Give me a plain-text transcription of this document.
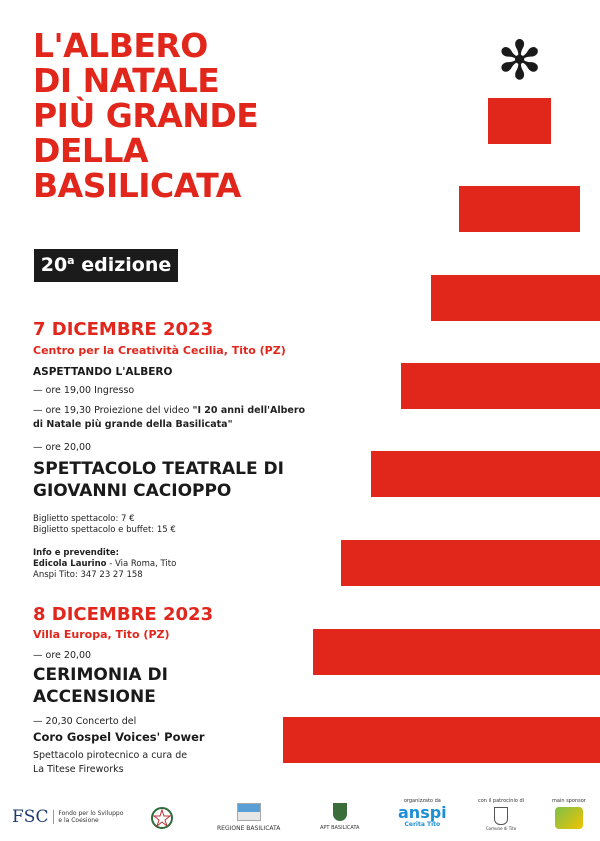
L'ALBERO
DI NATALE
PIÙ GRANDE
DELLA
BASILICATA
20$^a$ edizione
7 DICEMBRE 2023
Centro per la Creatività Cecilia, Tito (PZ)
ASPETTANDO L'ALBERO
— ore 19,00 Ingresso
— ore 19,30 Proiezione del video "I 20 anni dell'Albero
di Natale più grande della Basilicata"
— ore 20,00
SPETTACOLO TEATRALE DI
GIOVANNI CACIOPPO
Biglietto spettacolo: 7 €
Biglietto spettacolo e buffet: 15 €
Info e prevendite:
Edicola Laurino - Via Roma, Tito
Anspi Tito: 347 23 27 158
8 DICEMBRE 2023
Villa Europa, Tito (PZ)
— ore 20,00
CERIMONIA DI
ACCENSIONE
— 20,30 Concerto del
Coro Gospel Voices' Power
Spettacolo pirotecnico a cura de
La Titese Fireworks
✻
FSC Fondo per lo Sviluppo
e la Coesione
REGIONE BASILICATA	APT BASILICATA
organizzato da
anspi
Cerita Tito
con il patrocinio di
Comune di Tito
main sponsor
